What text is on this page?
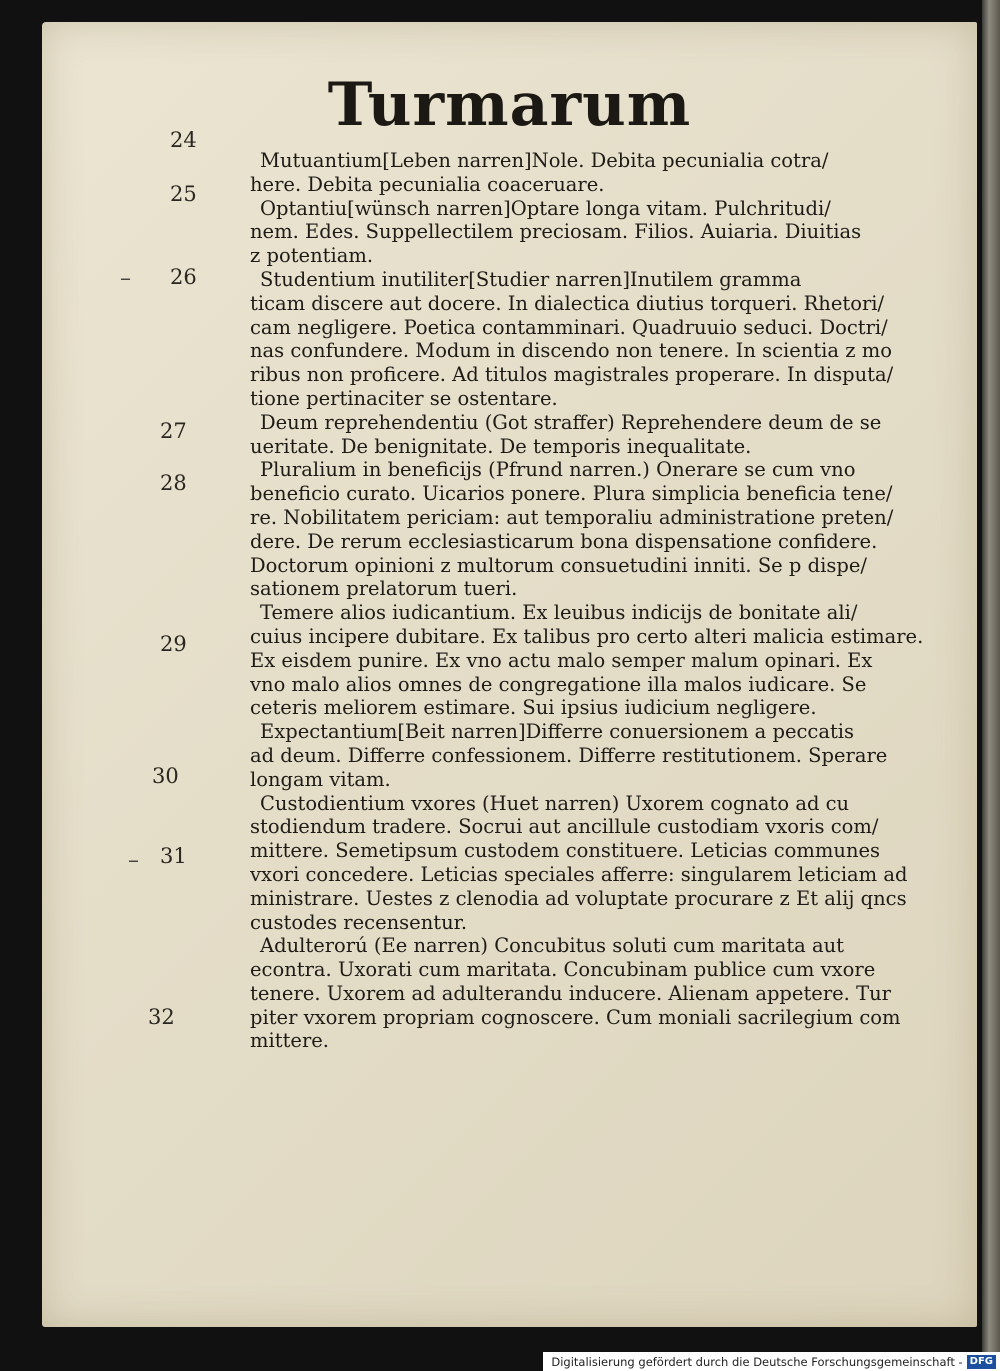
Turmarum
24
25
26
27
28
29
30
31
32
–
–
Mutuantium[Leben narren]Nole. Debita pecunialia cotra/
here. Debita pecunialia coaceruare.
Optantiu[wünsch narren]Optare longa vitam. Pulchritudi/
nem. Edes. Suppellectilem preciosam. Filios. Auiaria. Diuitias
z potentiam.
Studentium inutiliter[Studier narren]Inutilem gramma
ticam discere aut docere. In dialectica diutius torqueri. Rhetori/
cam negligere. Poetica contamminari. Quadruuio seduci. Doctri/
nas confundere. Modum in discendo non tenere. In scientia z mo
ribus non proficere. Ad titulos magistrales properare. In disputa/
tione pertinaciter se ostentare.
Deum reprehendentiu (Got straffer) Reprehendere deum de se
ueritate. De benignitate. De temporis inequalitate.
Pluralium in beneficijs (Pfrund narren.) Onerare se cum vno
beneficio curato. Uicarios ponere. Plura simplicia beneficia tene/
re. Nobilitatem periciam: aut temporaliu administratione preten/
dere. De rerum ecclesiasticarum bona dispensatione confidere.
Doctorum opinioni z multorum consuetudini inniti. Se p dispe/
sationem prelatorum tueri.
Temere alios iudicantium. Ex leuibus indicijs de bonitate ali/
cuius incipere dubitare. Ex talibus pro certo alteri malicia estimare.
Ex eisdem punire. Ex vno actu malo semper malum opinari. Ex
vno malo alios omnes de congregatione illa malos iudicare. Se
ceteris meliorem estimare. Sui ipsius iudicium negligere.
Expectantium[Beit narren]Differre conuersionem a peccatis
ad deum. Differre confessionem. Differre restitutionem. Sperare
longam vitam.
Custodientium vxores (Huet narren) Uxorem cognato ad cu
stodiendum tradere. Socrui aut ancillule custodiam vxoris com/
mittere. Semetipsum custodem constituere. Leticias communes
vxori concedere. Leticias speciales afferre: singularem leticiam ad
ministrare. Uestes z clenodia ad voluptate procurare z Et alij qncs
custodes recensentur.
Adulterorú (Ee narren) Concubitus soluti cum maritata aut
econtra. Uxorati cum maritata. Concubinam publice cum vxore
tenere. Uxorem ad adulterandu inducere. Alienam appetere. Tur
piter vxorem propriam cognoscere. Cum moniali sacrilegium com
mittere.
Digitalisierung gefördert durch die Deutsche Forschungsgemeinschaft - DFG
